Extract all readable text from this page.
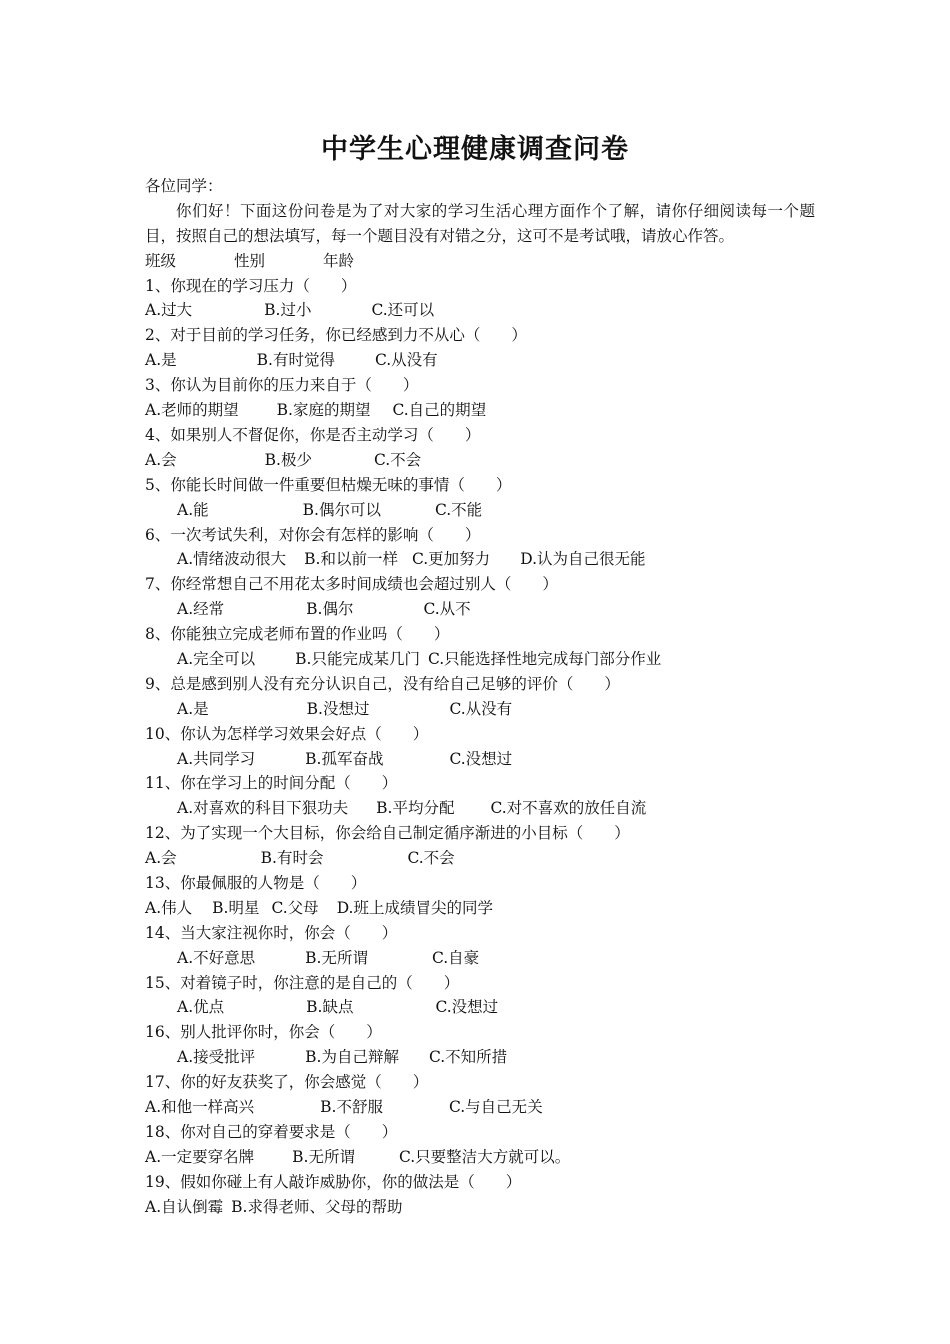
中学生心理健康调查问卷
各位同学：
你们好！下面这份问卷是为了对大家的学习生活心理方面作个了解，请你仔细阅读每一个题目，按照自己的想法填写，每一个题目没有对错之分，这可不是考试哦，请放心作答。
班级	性别	年龄
1、你现在的学习压力（　　）
A.过大	B.过小	C.还可以
2、对于目前的学习任务，你已经感到力不从心（　　）
A.是	B.有时觉得	C.从没有
3、你认为目前你的压力来自于（　　）
A.老师的期望 B.家庭的期望 C.自己的期望
4、如果别人不督促你，你是否主动学习（　　）
A.会	B.极少	C.不会
5、你能长时间做一件重要但枯燥无味的事情（　　）
A.能	B.偶尔可以	C.不能
6、一次考试失利，对你会有怎样的影响（　　）
A.情绪波动很大 B.和以前一样 C.更加努力 D.认为自己很无能
7、你经常想自己不用花太多时间成绩也会超过别人（　　）
A.经常	B.偶尔	C.从不
8、你能独立完成老师布置的作业吗（　　）
A.完全可以	B.只能完成某几门 C.只能选择性地完成每门部分作业
9、总是感到别人没有充分认识自己，没有给自己足够的评价（　　）
A.是	B.没想过	C.从没有
10、你认为怎样学习效果会好点（　　）
A.共同学习	B.孤军奋战	C.没想过
11、你在学习上的时间分配（　　）
A.对喜欢的科目下狠功夫 B.平均分配 C.对不喜欢的放任自流
12、为了实现一个大目标，你会给自己制定循序渐进的小目标（　　）
A.会	B.有时会	C.不会
13、你最佩服的人物是（　　）
A.伟人 B.明星 C.父母 D.班上成绩冒尖的同学
14、当大家注视你时，你会（　　）
A.不好意思	B.无所谓	C.自豪
15、对着镜子时，你注意的是自己的（　　）
A.优点	B.缺点	C.没想过
16、别人批评你时，你会（　　）
A.接受批评	B.为自己辩解 C.不知所措
17、你的好友获奖了，你会感觉（　　）
A.和他一样高兴	B.不舒服	C.与自己无关
18、你对自己的穿着要求是（　　）
A.一定要穿名牌 B.无所谓	C.只要整洁大方就可以。
19、假如你碰上有人敲诈威胁你，你的做法是（　　）
A.自认倒霉 B.求得老师、父母的帮助
